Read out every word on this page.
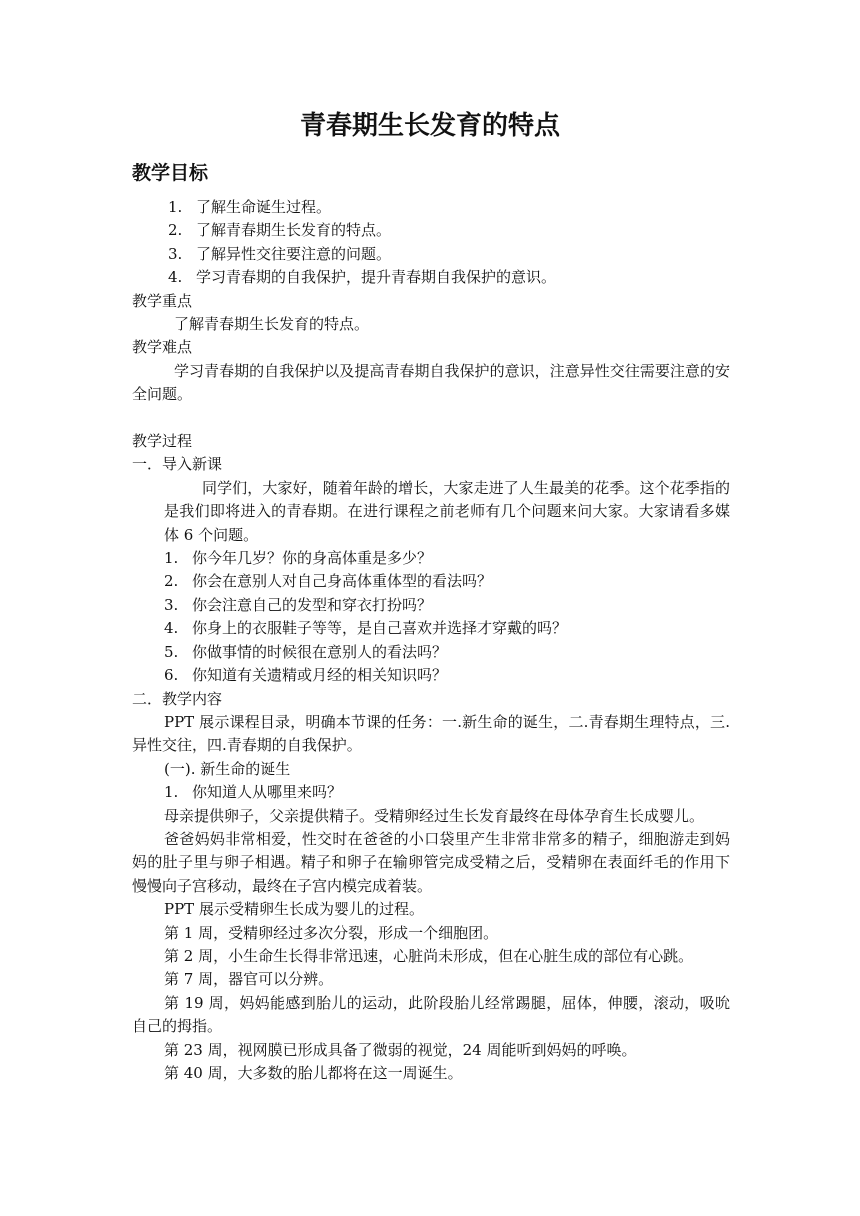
青春期生长发育的特点
教学目标
1. 了解生命诞生过程。
2. 了解青春期生长发育的特点。
3. 了解异性交往要注意的问题。
4. 学习青春期的自我保护，提升青春期自我保护的意识。
教学重点
了解青春期生长发育的特点。
教学难点

学习青春期的自我保护以及提高青春期自我保护的意识，注意异性交往需要注意的安全问题。

教学过程
一．导入新课

同学们，大家好，随着年龄的增长，大家走进了人生最美的花季。这个花季指的是我们即将进入的青春期。在进行课程之前老师有几个问题来问大家。大家请看多媒体 6 个问题。

1. 你今年几岁？你的身高体重是多少？
2. 你会在意别人对自己身高体重体型的看法吗？
3. 你会注意自己的发型和穿衣打扮吗？
4. 你身上的衣服鞋子等等，是自己喜欢并选择才穿戴的吗？
5. 你做事情的时候很在意别人的看法吗？
6. 你知道有关遗精或月经的相关知识吗？
二．教学内容

PPT 展示课程目录，明确本节课的任务：一.新生命的诞生，二.青春期生理特点，三.异性交往，四.青春期的自我保护。

(一). 新生命的诞生
1. 你知道人从哪里来吗？

母亲提供卵子，父亲提供精子。受精卵经过生长发育最终在母体孕育生长成婴儿。

爸爸妈妈非常相爱，性交时在爸爸的小口袋里产生非常非常多的精子，细胞游走到妈妈的肚子里与卵子相遇。精子和卵子在输卵管完成受精之后，受精卵在表面纤毛的作用下慢慢向子宫移动，最终在子宫内模完成着装。

PPT 展示受精卵生长成为婴儿的过程。

第 1 周，受精卵经过多次分裂，形成一个细胞团。

第 2 周，小生命生长得非常迅速，心脏尚未形成，但在心脏生成的部位有心跳。

第 7 周，器官可以分辨。

第 19 周，妈妈能感到胎儿的运动，此阶段胎儿经常踢腿，屈体，伸腰，滚动，吸吮自己的拇指。

第 23 周，视网膜已形成具备了微弱的视觉，24 周能听到妈妈的呼唤。

第 40 周，大多数的胎儿都将在这一周诞生。
